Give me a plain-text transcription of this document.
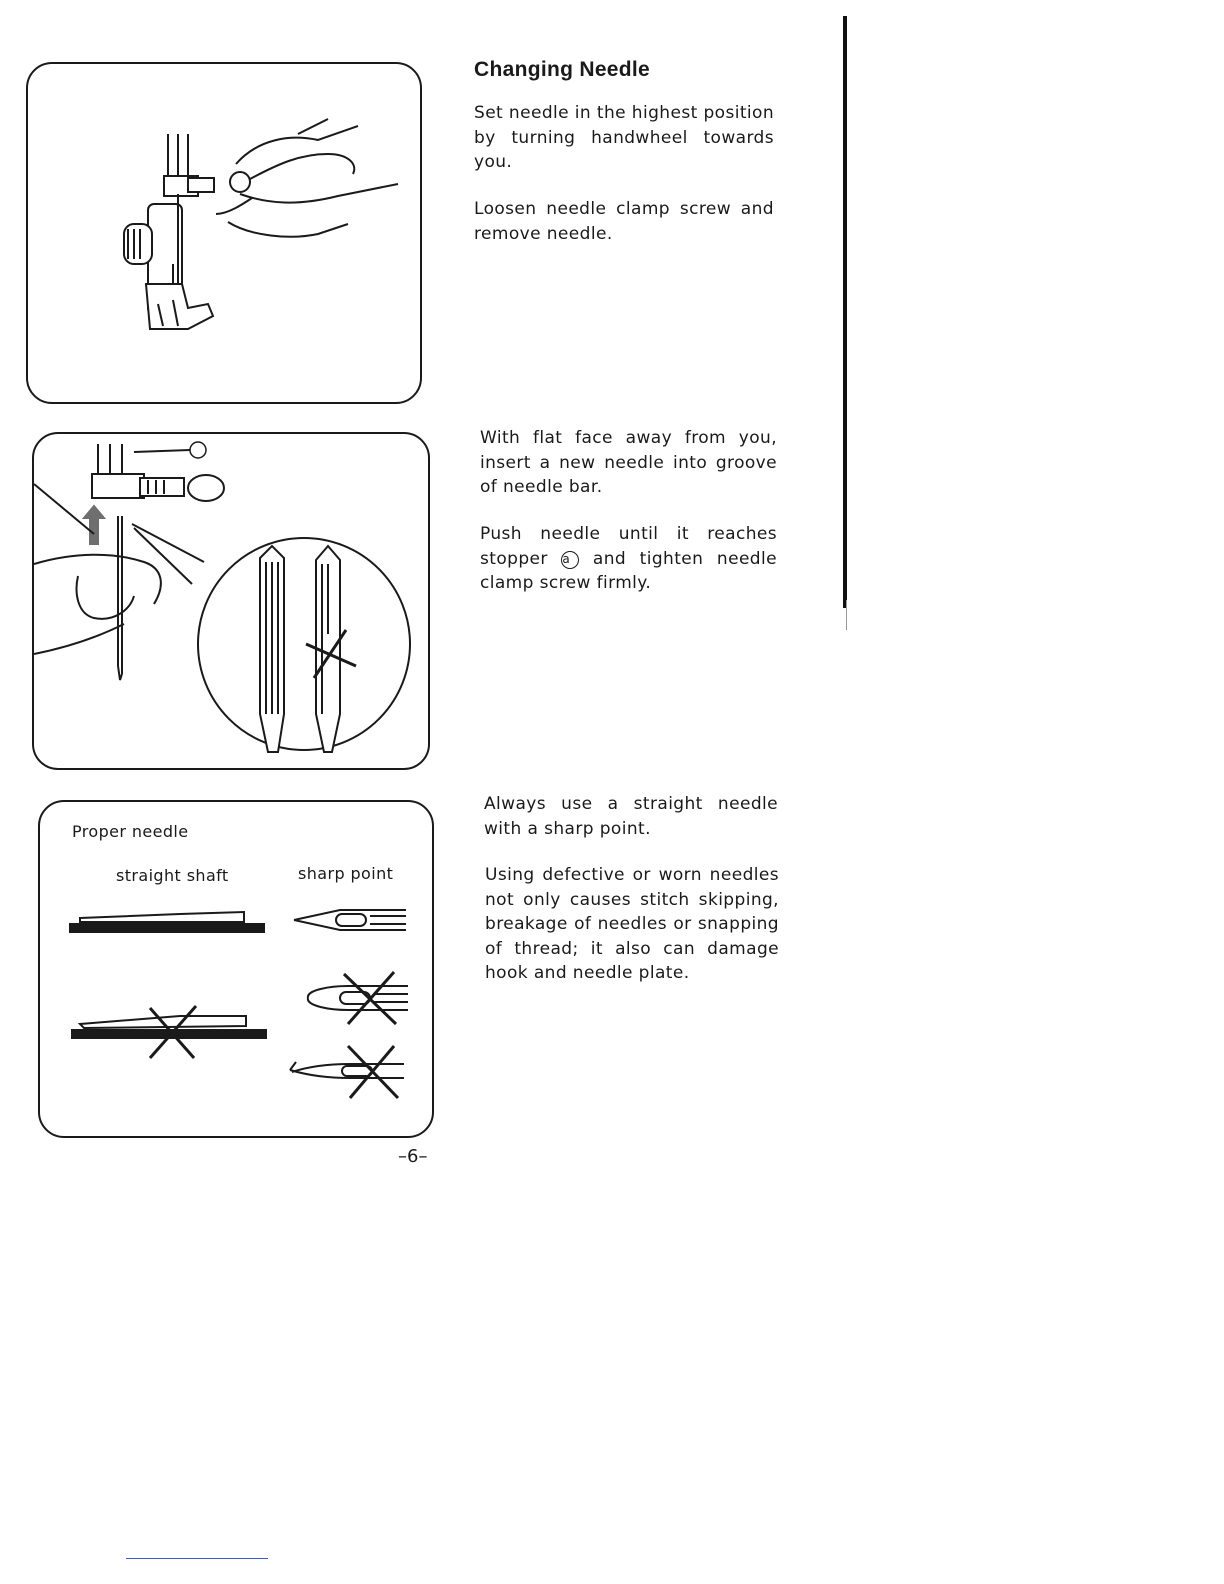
Changing Needle

Set needle in the highest position by turning handwheel towards you.

Loosen needle clamp screw and remove needle.

With flat face away from you, insert a new needle into groove of needle bar.

Push needle until it reaches stopper a and tighten needle clamp screw firmly.

Always use a straight needle with a sharp point.

Using defective or worn needles not only causes stitch skipping, breakage of needles or snapping of thread; it also can damage hook and needle plate.

Proper needle

straight shaft	sharp point

–6–
